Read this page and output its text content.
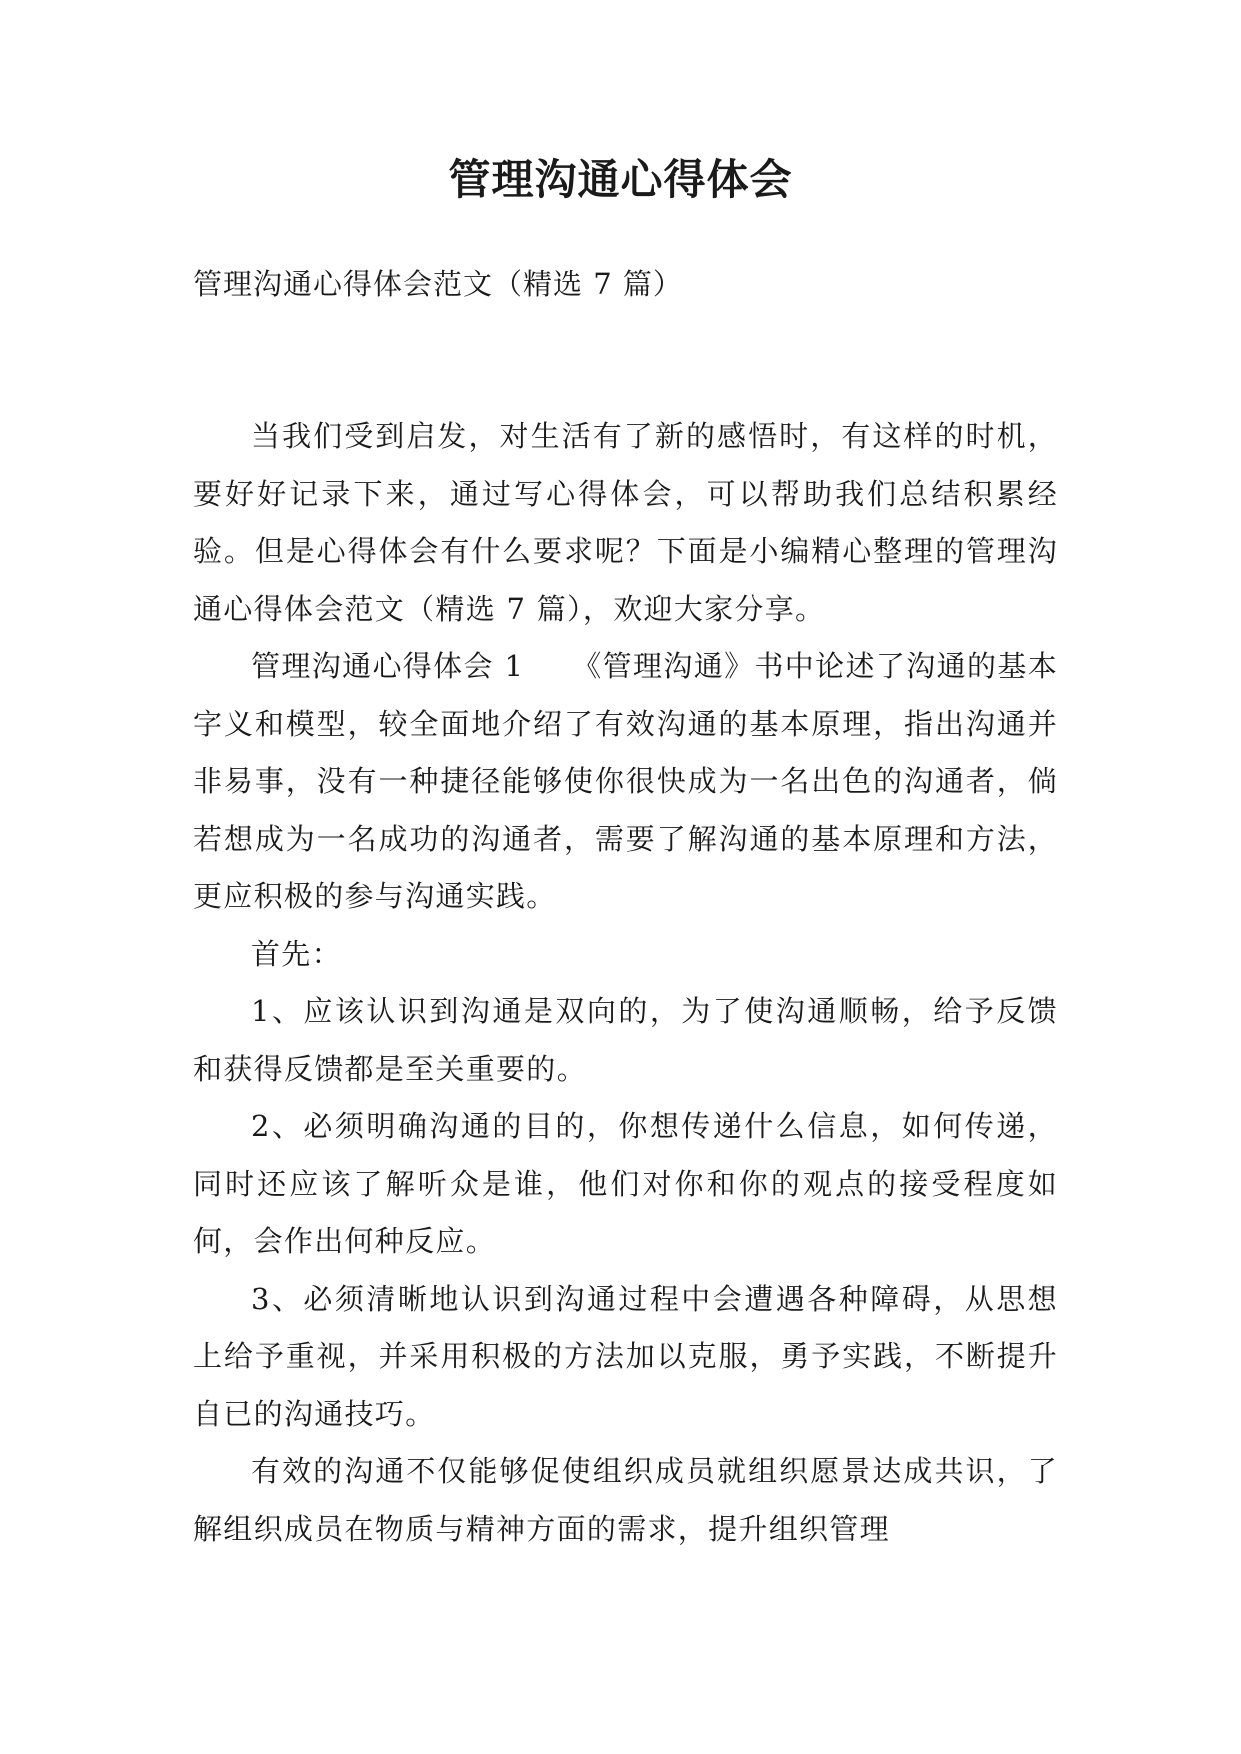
管理沟通心得体会

管理沟通心得体会范文（精选 7 篇）

当我们受到启发，对生活有了新的感悟时，有这样的时机，要好好记录下来，通过写心得体会，可以帮助我们总结积累经验。但是心得体会有什么要求呢？下面是小编精心整理的管理沟通心得体会范文（精选 7 篇），欢迎大家分享。

管理沟通心得体会 1 《管理沟通》书中论述了沟通的基本字义和模型，较全面地介绍了有效沟通的基本原理，指出沟通并非易事，没有一种捷径能够使你很快成为一名出色的沟通者，倘若想成为一名成功的沟通者，需要了解沟通的基本原理和方法，更应积极的参与沟通实践。

首先：

1、应该认识到沟通是双向的，为了使沟通顺畅，给予反馈和获得反馈都是至关重要的。

2、必须明确沟通的目的，你想传递什么信息，如何传递，同时还应该了解听众是谁，他们对你和你的观点的接受程度如何，会作出何种反应。

3、必须清晰地认识到沟通过程中会遭遇各种障碍，从思想上给予重视，并采用积极的方法加以克服，勇予实践，不断提升自已的沟通技巧。

有效的沟通不仅能够促使组织成员就组织愿景达成共识，了解组织成员在物质与精神方面的需求，提升组织管理
